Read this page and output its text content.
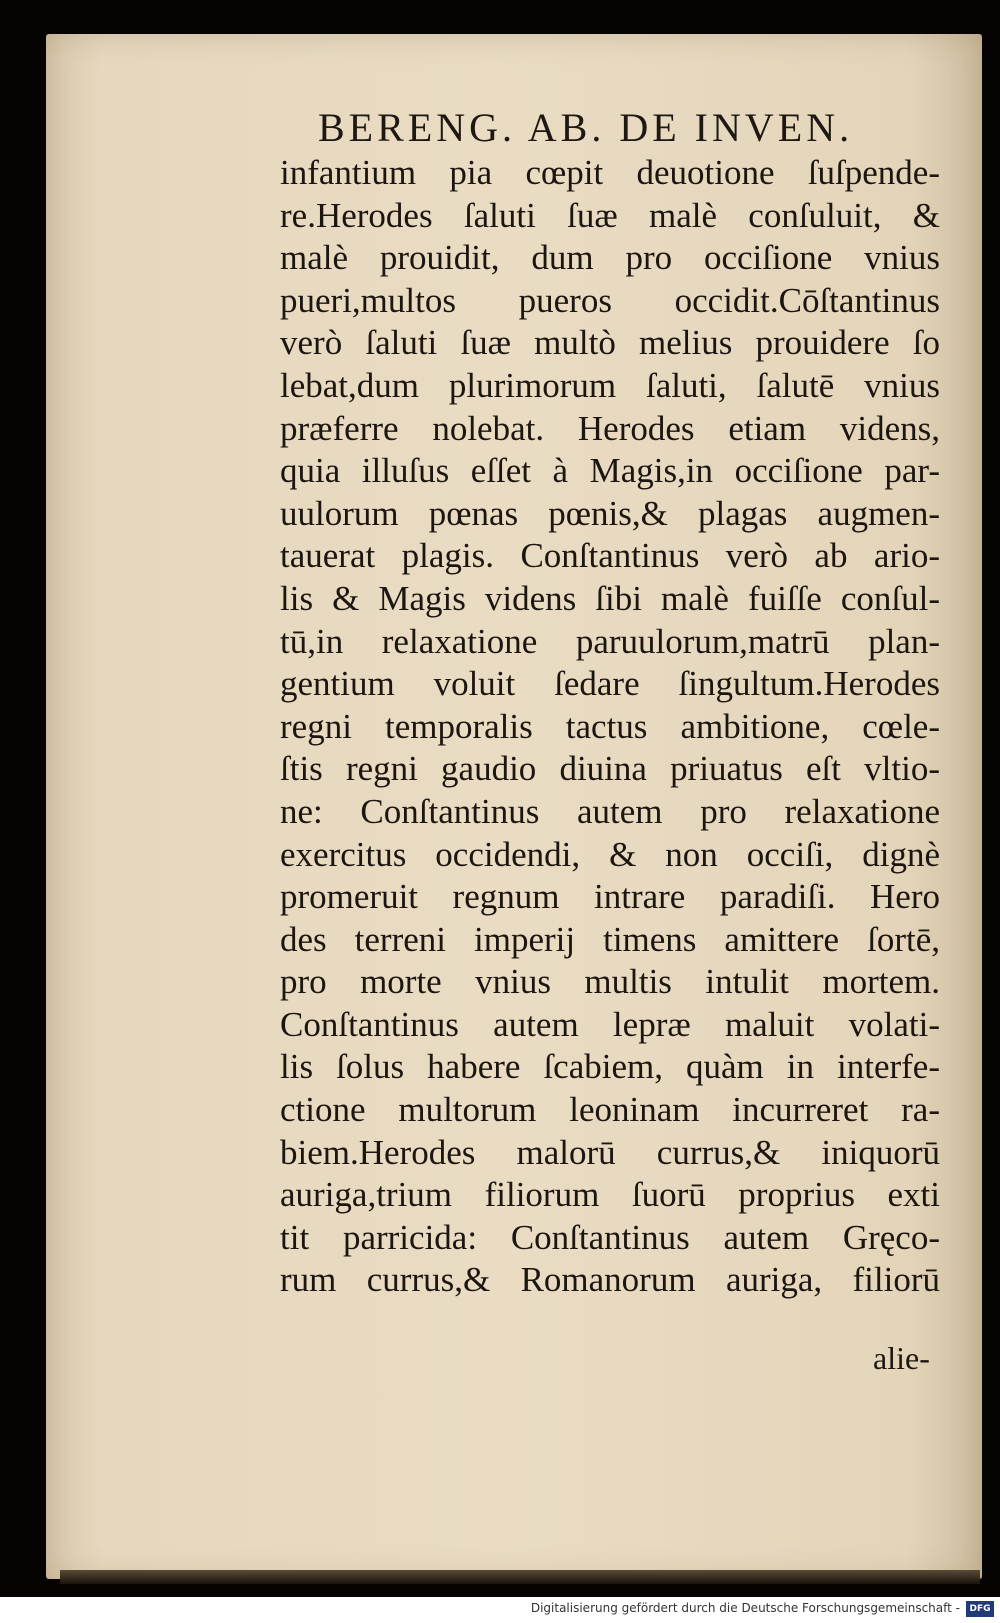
BERENG. AB. DE INVEN.
infantium pia cœpit deuotione ſuſpende-
re.Herodes ſaluti ſuæ malè conſuluit, &
malè prouidit, dum pro occiſione vnius
pueri,multos pueros occidit.Cōſtantinus
verò ſaluti ſuæ multò melius prouidere ſo
lebat,dum plurimorum ſaluti, ſalutē vnius
præferre nolebat. Herodes etiam videns,
quia illuſus eſſet à Magis,in occiſione par-
uulorum pœnas pœnis,& plagas augmen-
tauerat plagis. Conſtantinus verò ab ario-
lis & Magis videns ſibi malè fuiſſe conſul-
tū,in relaxatione paruulorum,matrū plan-
gentium voluit ſedare ſingultum.Herodes
regni temporalis tactus ambitione, cœle-
ſtis regni gaudio diuina priuatus eſt vltio-
ne: Conſtantinus autem pro relaxatione
exercitus occidendi, & non occiſi, dignè
promeruit regnum intrare paradiſi. Hero
des terreni imperij timens amittere ſortē,
pro morte vnius multis intulit mortem.
Conſtantinus autem lepræ maluit volati-
lis ſolus habere ſcabiem, quàm in interfe-
ctione multorum leoninam incurreret ra-
biem.Herodes malorū currus,& iniquorū
auriga,trium filiorum ſuorū proprius exti
tit parricida: Conſtantinus autem Gręco-
rum currus,& Romanorum auriga, filiorū
alie-
Digitalisierung gefördert durch die Deutsche Forschungsgemeinschaft -	DFG
